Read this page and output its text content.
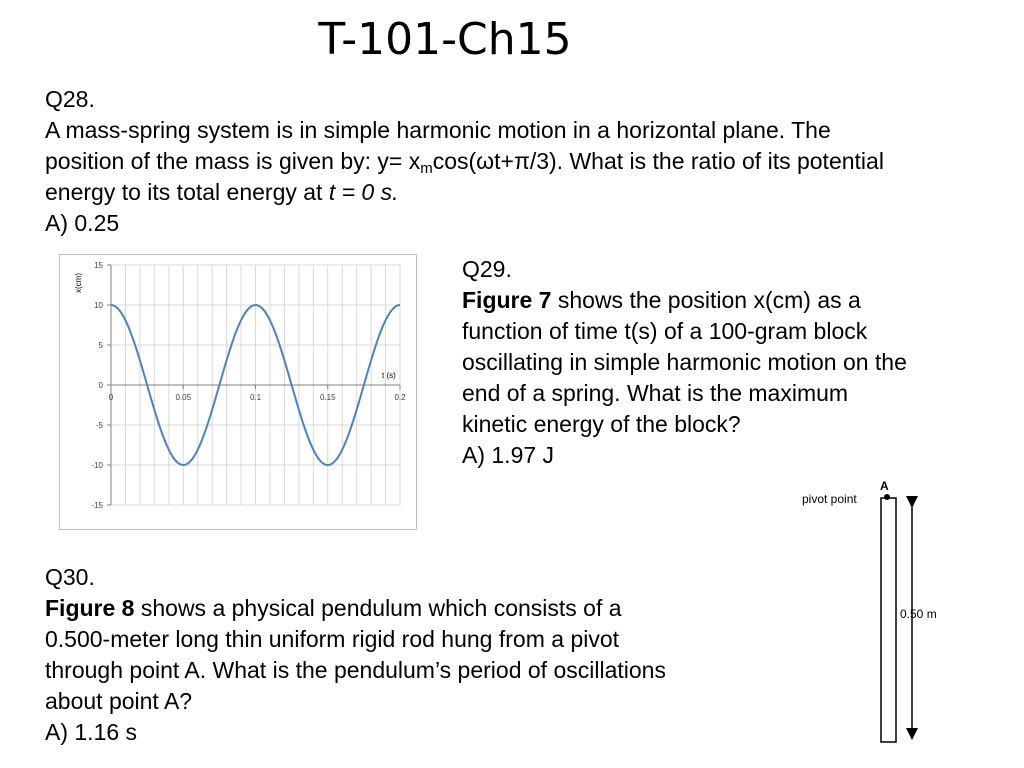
T-101-Ch15
Q28.
A mass-spring system is in simple harmonic motion in a horizontal plane. The
position of the mass is given by: $y= x_m\cos(\omega t+\pi/3)$. What is the ratio of its potential
energy to its total energy at t = 0 s.
A) 0.25
0	0.05	0.1	0.15	0.2
15
10
5
0
-5
-10
-15
t (s)
x(cm)
Q29.
Figure 7 shows the position x(cm) as a
function of time t(s) of a 100-gram block
oscillating in simple harmonic motion on the
end of a spring. What is the maximum
kinetic energy of the block?
A) 1.97 J
A
pivot point
0.50 m
Q30.
Figure 8 shows a physical pendulum which consists of a
0.500-meter long thin uniform rigid rod hung from a pivot
through point A. What is the pendulum’s period of oscillations
about point A?
A) 1.16 s
